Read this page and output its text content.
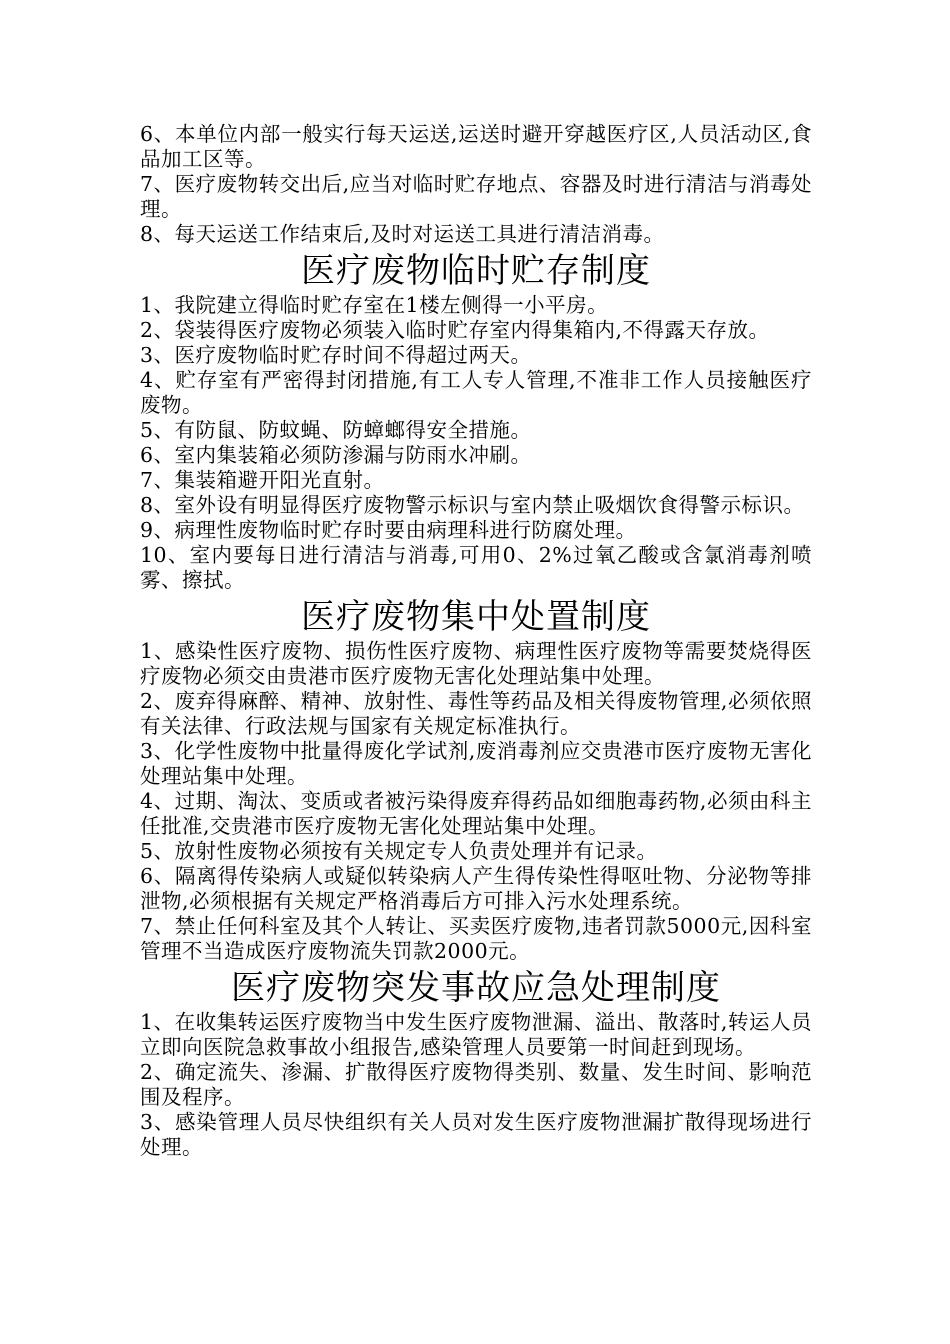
6、本单位内部一般实行每天运送,运送时避开穿越医疗区,人员活动区,食品加工区等。

7、医疗废物转交出后,应当对临时贮存地点、容器及时进行清洁与消毒处理。

8、每天运送工作结束后,及时对运送工具进行清洁消毒。

医疗废物临时贮存制度

1、我院建立得临时贮存室在1楼左侧得一小平房。

2、袋装得医疗废物必须装入临时贮存室内得集箱内,不得露天存放。

3、医疗废物临时贮存时间不得超过两天。

4、贮存室有严密得封闭措施,有工人专人管理,不准非工作人员接触医疗废物。

5、有防鼠、防蚊蝇、防蟑螂得安全措施。

6、室内集装箱必须防渗漏与防雨水冲刷。

7、集装箱避开阳光直射。

8、室外设有明显得医疗废物警示标识与室内禁止吸烟饮食得警示标识。

9、病理性废物临时贮存时要由病理科进行防腐处理。

10、室内要每日进行清洁与消毒,可用0、2%过氧乙酸或含氯消毒剂喷雾、擦拭。

医疗废物集中处置制度

1、感染性医疗废物、损伤性医疗废物、病理性医疗废物等需要焚烧得医疗废物必须交由贵港市医疗废物无害化处理站集中处理。

2、废弃得麻醉、精神、放射性、毒性等药品及相关得废物管理,必须依照有关法律、行政法规与国家有关规定标准执行。

3、化学性废物中批量得废化学试剂,废消毒剂应交贵港市医疗废物无害化处理站集中处理。

4、过期、淘汰、变质或者被污染得废弃得药品如细胞毒药物,必须由科主任批准,交贵港市医疗废物无害化处理站集中处理。

5、放射性废物必须按有关规定专人负责处理并有记录。

6、隔离得传染病人或疑似转染病人产生得传染性得呕吐物、分泌物等排泄物,必须根据有关规定严格消毒后方可排入污水处理系统。

7、禁止任何科室及其个人转让、买卖医疗废物,违者罚款5000元,因科室管理不当造成医疗废物流失罚款2000元。

医疗废物突发事故应急处理制度

1、在收集转运医疗废物当中发生医疗废物泄漏、溢出、散落时,转运人员立即向医院急救事故小组报告,感染管理人员要第一时间赶到现场。

2、确定流失、渗漏、扩散得医疗废物得类别、数量、发生时间、影响范围及程序。

3、感染管理人员尽快组织有关人员对发生医疗废物泄漏扩散得现场进行处理。
